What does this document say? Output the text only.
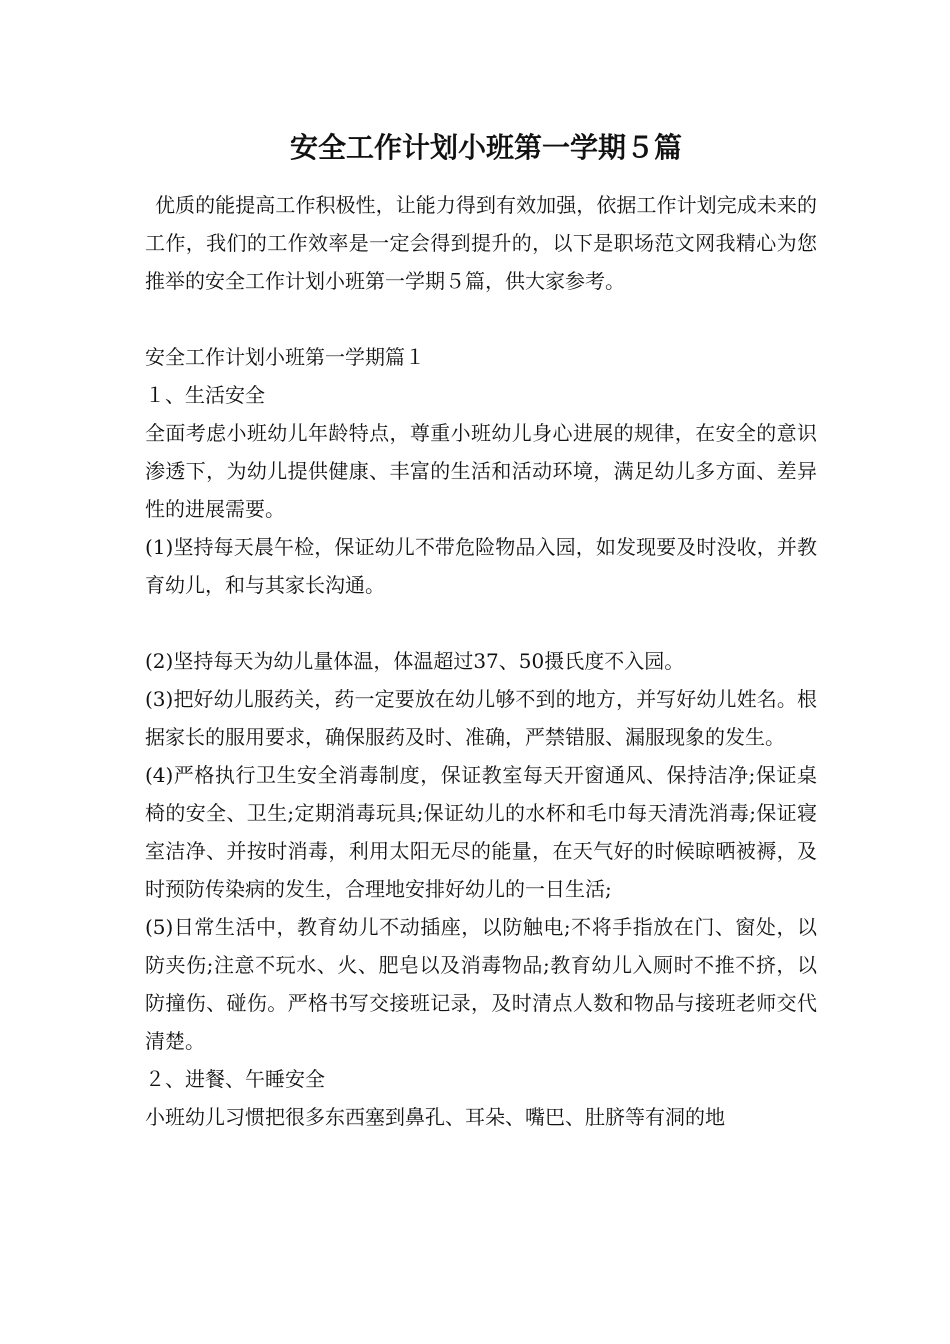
安全工作计划小班第一学期５篇

优质的能提高工作积极性，让能力得到有效加强，依据工作计划完成未来的工作，我们的工作效率是一定会得到提升的，以下是职场范文网我精心为您推举的安全工作计划小班第一学期５篇，供大家参考。

安全工作计划小班第一学期篇１

１、生活安全

全面考虑小班幼儿年龄特点，尊重小班幼儿身心进展的规律，在安全的意识渗透下，为幼儿提供健康、丰富的生活和活动环境，满足幼儿多方面、差异性的进展需要。

(1)坚持每天晨午检，保证幼儿不带危险物品入园，如发现要及时没收，并教育幼儿，和与其家长沟通。

(2)坚持每天为幼儿量体温，体温超过37、50摄氏度不入园。

(3)把好幼儿服药关，药一定要放在幼儿够不到的地方，并写好幼儿姓名。根据家长的服用要求，确保服药及时、准确，严禁错服、漏服现象的发生。

(4)严格执行卫生安全消毒制度，保证教室每天开窗通风、保持洁净;保证桌椅的安全、卫生;定期消毒玩具;保证幼儿的水杯和毛巾每天清洗消毒;保证寝室洁净、并按时消毒，利用太阳无尽的能量，在天气好的时候晾晒被褥，及时预防传染病的发生，合理地安排好幼儿的一日生活;

(5)日常生活中，教育幼儿不动插座，以防触电;不将手指放在门、窗处，以防夹伤;注意不玩水、火、肥皂以及消毒物品;教育幼儿入厕时不推不挤，以防撞伤、碰伤。严格书写交接班记录，及时清点人数和物品与接班老师交代清楚。

２、进餐、午睡安全

小班幼儿习惯把很多东西塞到鼻孔、耳朵、嘴巴、肚脐等有洞的地
